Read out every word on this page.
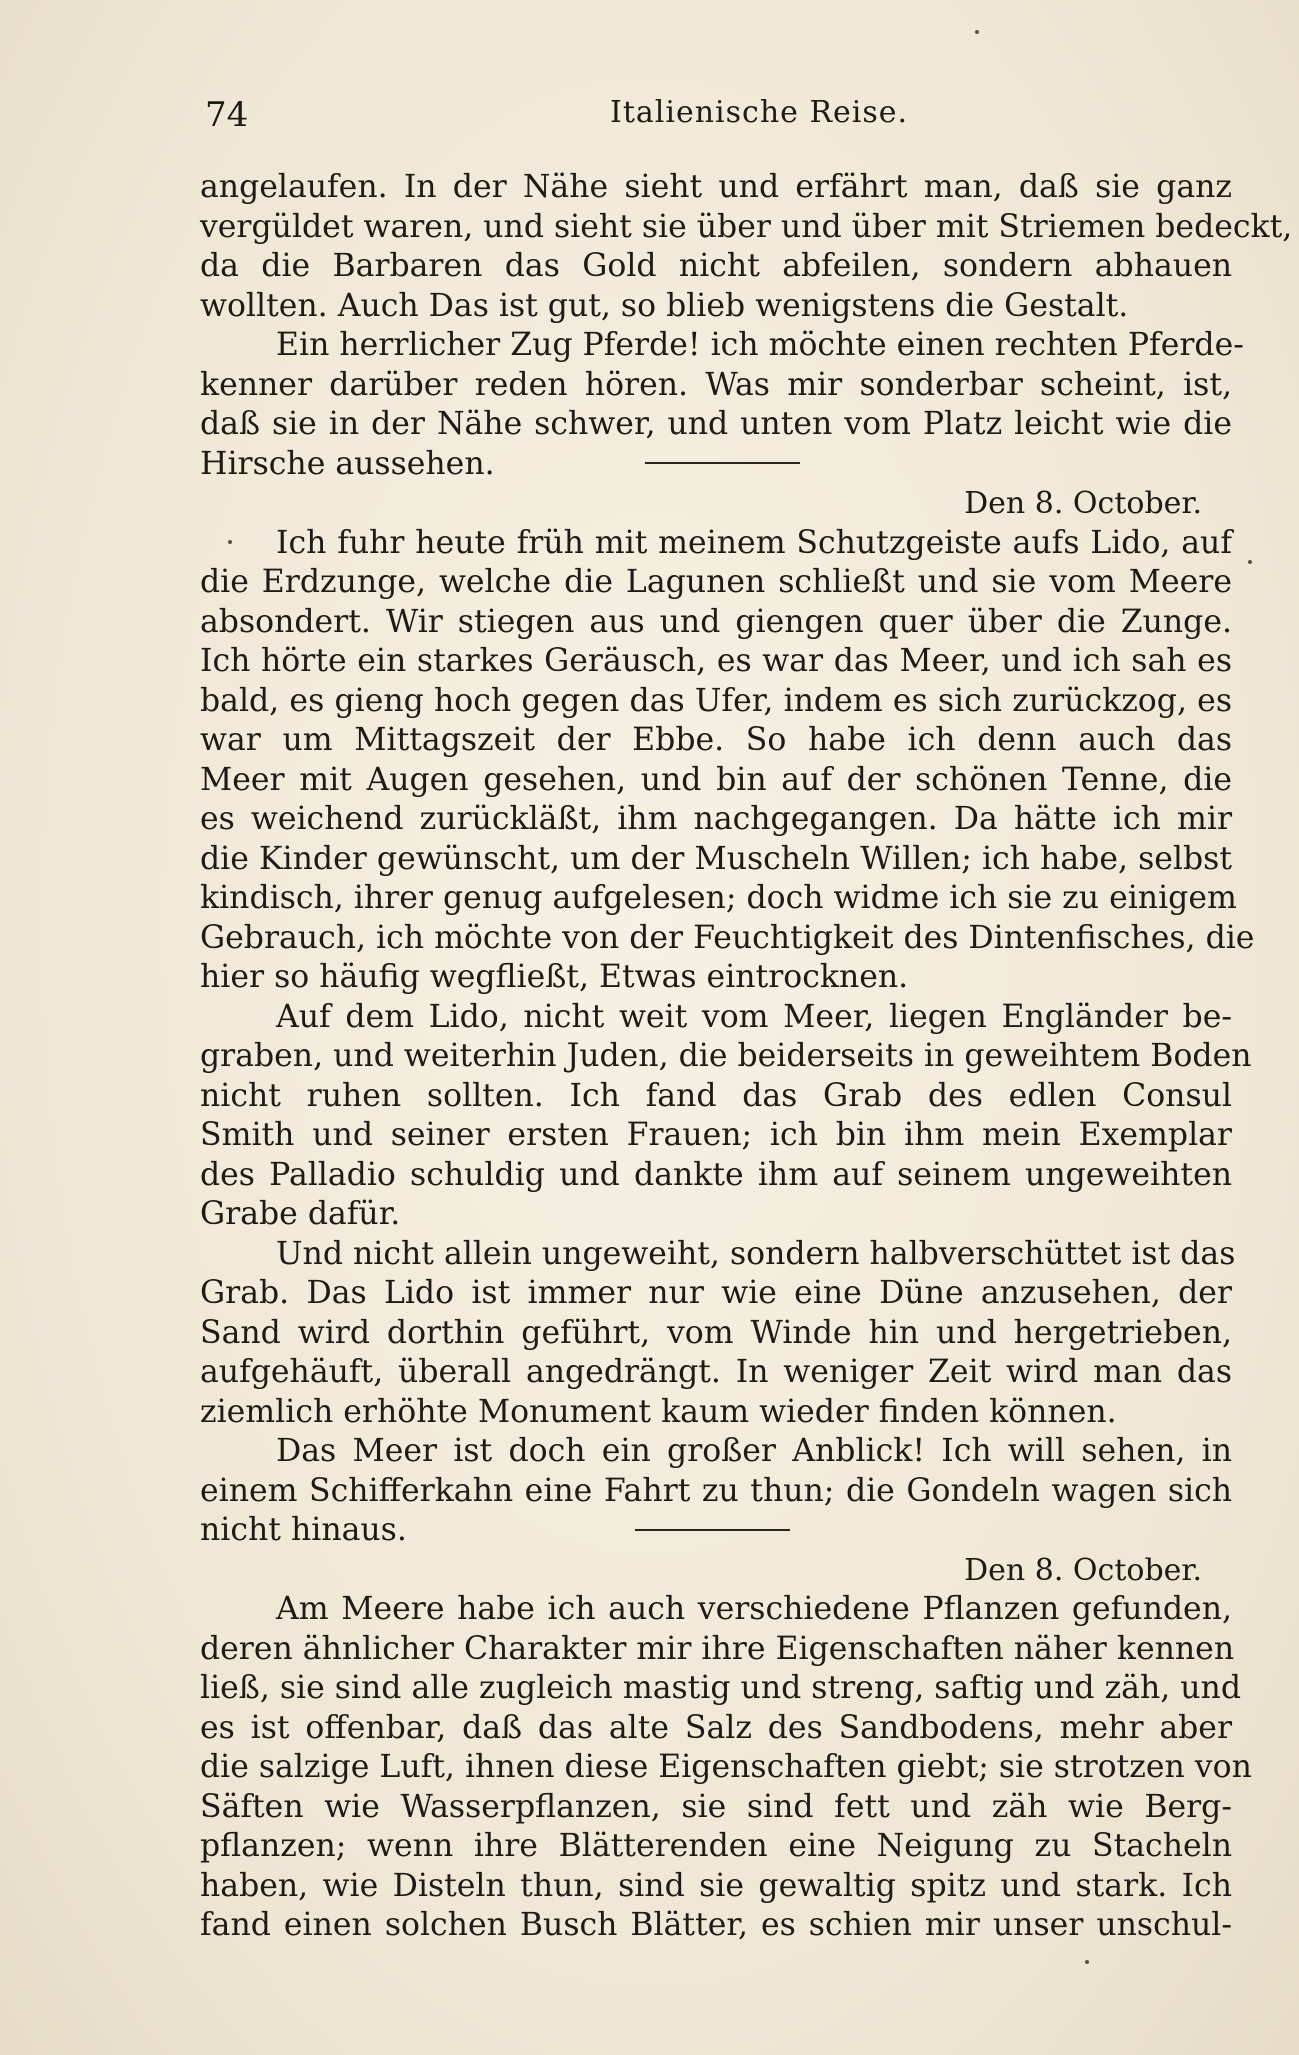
74	Italienische Reise.
angelaufen. In der Nähe sieht und erfährt man, daß sie ganz
vergüldet waren, und sieht sie über und über mit Striemen bedeckt,
da die Barbaren das Gold nicht abfeilen, sondern abhauen
wollten. Auch Das ist gut, so blieb wenigstens die Gestalt.
Ein herrlicher Zug Pferde! ich möchte einen rechten Pferde-
kenner darüber reden hören. Was mir sonderbar scheint, ist,
daß sie in der Nähe schwer, und unten vom Platz leicht wie die
Hirsche aussehen.
Den 8. October.
Ich fuhr heute früh mit meinem Schutzgeiste aufs Lido, auf
die Erdzunge, welche die Lagunen schließt und sie vom Meere
absondert. Wir stiegen aus und giengen quer über die Zunge.
Ich hörte ein starkes Geräusch, es war das Meer, und ich sah es
bald, es gieng hoch gegen das Ufer, indem es sich zurückzog, es
war um Mittagszeit der Ebbe. So habe ich denn auch das
Meer mit Augen gesehen, und bin auf der schönen Tenne, die
es weichend zurückläßt, ihm nachgegangen. Da hätte ich mir
die Kinder gewünscht, um der Muscheln Willen; ich habe, selbst
kindisch, ihrer genug aufgelesen; doch widme ich sie zu einigem
Gebrauch, ich möchte von der Feuchtigkeit des Dintenfisches, die
hier so häufig wegfließt, Etwas eintrocknen.
Auf dem Lido, nicht weit vom Meer, liegen Engländer be-
graben, und weiterhin Juden, die beiderseits in geweihtem Boden
nicht ruhen sollten. Ich fand das Grab des edlen Consul
Smith und seiner ersten Frauen; ich bin ihm mein Exemplar
des Palladio schuldig und dankte ihm auf seinem ungeweihten
Grabe dafür.
Und nicht allein ungeweiht, sondern halbverschüttet ist das
Grab. Das Lido ist immer nur wie eine Düne anzusehen, der
Sand wird dorthin geführt, vom Winde hin und hergetrieben,
aufgehäuft, überall angedrängt. In weniger Zeit wird man das
ziemlich erhöhte Monument kaum wieder finden können.
Das Meer ist doch ein großer Anblick! Ich will sehen, in
einem Schifferkahn eine Fahrt zu thun; die Gondeln wagen sich
nicht hinaus.
Den 8. October.
Am Meere habe ich auch verschiedene Pflanzen gefunden,
deren ähnlicher Charakter mir ihre Eigenschaften näher kennen
ließ, sie sind alle zugleich mastig und streng, saftig und zäh, und
es ist offenbar, daß das alte Salz des Sandbodens, mehr aber
die salzige Luft, ihnen diese Eigenschaften giebt; sie strotzen von
Säften wie Wasserpflanzen, sie sind fett und zäh wie Berg-
pflanzen; wenn ihre Blätterenden eine Neigung zu Stacheln
haben, wie Disteln thun, sind sie gewaltig spitz und stark. Ich
fand einen solchen Busch Blätter, es schien mir unser unschul-
